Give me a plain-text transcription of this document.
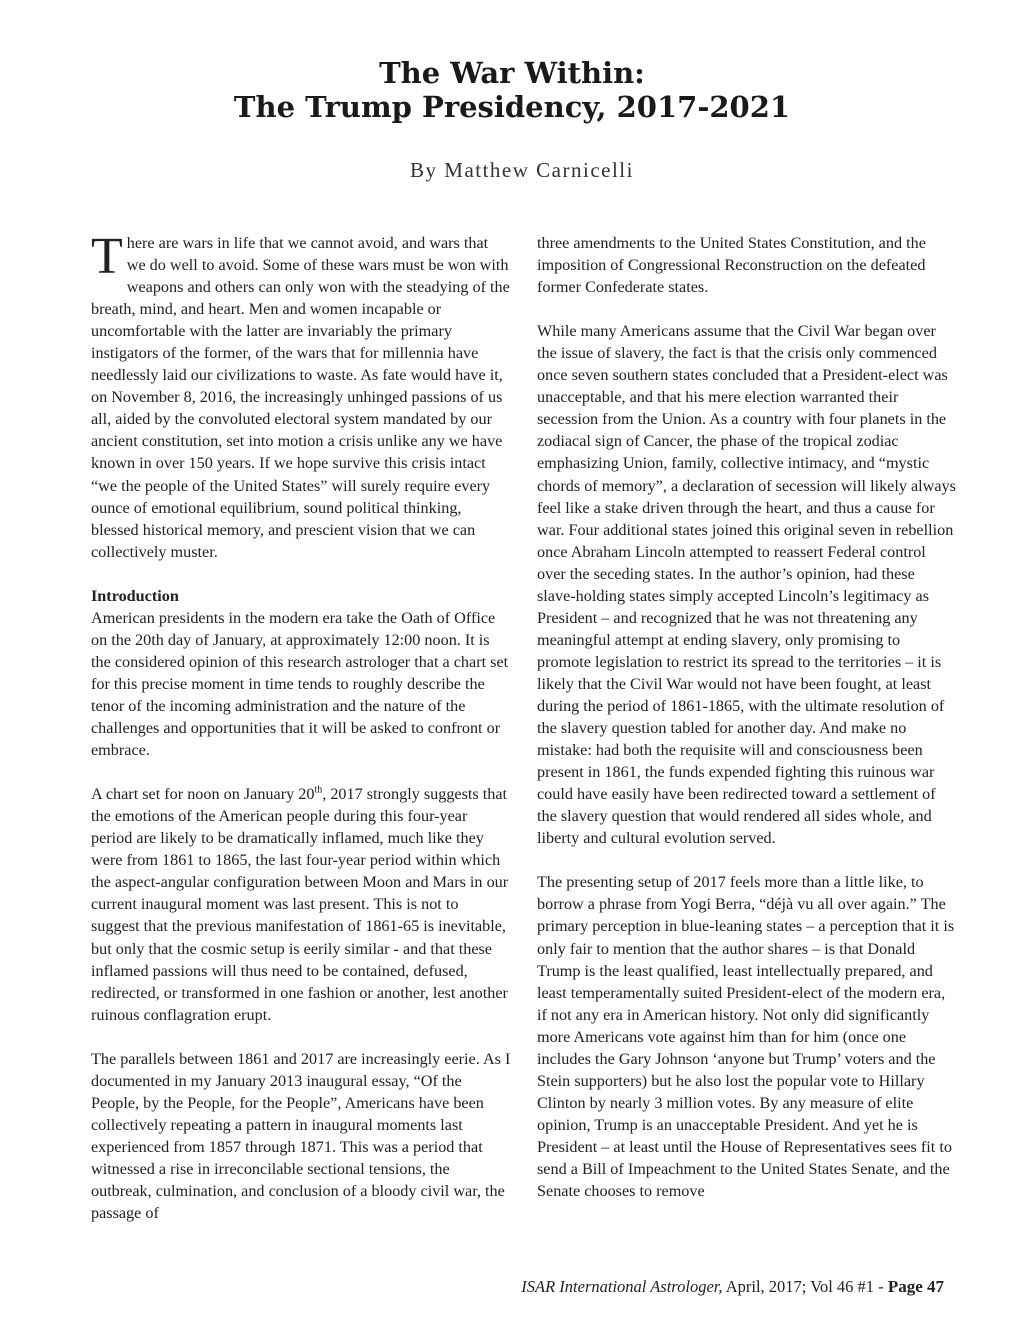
The War Within:
The Trump Presidency, 2017-2021
By Matthew Carnicelli

There are wars in life that we cannot avoid, and wars that we do well to avoid. Some of these wars must be won with weapons and others can only won with the steadying of the breath, mind, and heart. Men and women incapable or uncomfortable with the latter are invariably the primary instigators of the former, of the wars that for millennia have needlessly laid our civilizations to waste. As fate would have it, on November 8, 2016, the increasingly unhinged passions of us all, aided by the convoluted electoral system mandated by our ancient constitution, set into motion a crisis unlike any we have known in over 150 years. If we hope survive this crisis intact “we the people of the United States” will surely require every ounce of emotional equilibrium, sound political thinking, blessed historical memory, and prescient vision that we can collectively muster.

Introduction

American presidents in the modern era take the Oath of Office on the 20th day of January, at approximately 12:00 noon. It is the considered opinion of this research astrologer that a chart set for this precise moment in time tends to roughly describe the tenor of the incoming administration and the nature of the challenges and opportunities that it will be asked to confront or embrace.

A chart set for noon on January 20th, 2017 strongly suggests that the emotions of the American people during this four-year period are likely to be dramatically inflamed, much like they were from 1861 to 1865, the last four-year period within which the aspect-angular configuration between Moon and Mars in our current inaugural moment was last present. This is not to suggest that the previous manifestation of 1861-65 is inevitable, but only that the cosmic setup is eerily similar - and that these inflamed passions will thus need to be contained, defused, redirected, or transformed in one fashion or another, lest another ruinous conflagration erupt.

The parallels between 1861 and 2017 are increasingly eerie. As I documented in my January 2013 inaugural essay, “Of the People, by the People, for the People”, Americans have been collectively repeating a pattern in inaugural moments last experienced from 1857 through 1871. This was a period that witnessed a rise in irreconcilable sectional tensions, the outbreak, culmination, and conclusion of a bloody civil war, the passage of

three amendments to the United States Constitution, and the imposition of Congressional Reconstruction on the defeated former Confederate states.

While many Americans assume that the Civil War began over the issue of slavery, the fact is that the crisis only commenced once seven southern states concluded that a President-elect was unacceptable, and that his mere election warranted their secession from the Union. As a country with four planets in the zodiacal sign of Cancer, the phase of the tropical zodiac emphasizing Union, family, collective intimacy, and “mystic chords of memory”, a declaration of secession will likely always feel like a stake driven through the heart, and thus a cause for war. Four additional states joined this original seven in rebellion once Abraham Lincoln attempted to reassert Federal control over the seceding states. In the author’s opinion, had these slave-holding states simply accepted Lincoln’s legitimacy as President – and recognized that he was not threatening any meaningful attempt at ending slavery, only promising to promote legislation to restrict its spread to the territories – it is likely that the Civil War would not have been fought, at least during the period of 1861-1865, with the ultimate resolution of the slavery question tabled for another day. And make no mistake: had both the requisite will and consciousness been present in 1861, the funds expended fighting this ruinous war could have easily have been redirected toward a settlement of the slavery question that would rendered all sides whole, and liberty and cultural evolution served.

The presenting setup of 2017 feels more than a little like, to borrow a phrase from Yogi Berra, “déjà vu all over again.” The primary perception in blue-leaning states – a perception that it is only fair to mention that the author shares – is that Donald Trump is the least qualified, least intellectually prepared, and least temperamentally suited President-elect of the modern era, if not any era in American history. Not only did significantly more Americans vote against him than for him (once one includes the Gary Johnson ‘anyone but Trump’ voters and the Stein supporters) but he also lost the popular vote to Hillary Clinton by nearly 3 million votes. By any measure of elite opinion, Trump is an unacceptable President. And yet he is President – at least until the House of Representatives sees fit to send a Bill of Impeachment to the United States Senate, and the Senate chooses to remove

ISAR International Astrologer, April, 2017; Vol 46 #1 - Page 47
